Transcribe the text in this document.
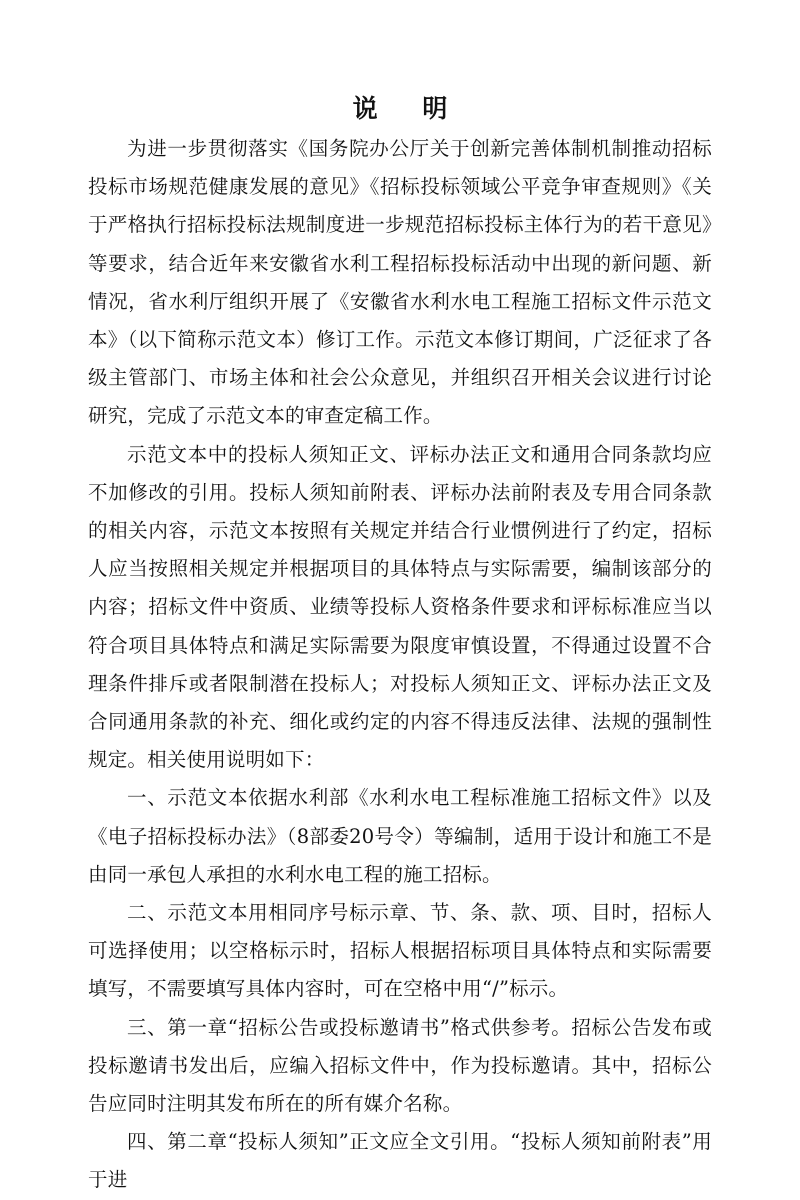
说 明

为进一步贯彻落实《国务院办公厅关于创新完善体制机制推动招标投标市场规范健康发展的意见》《招标投标领域公平竞争审查规则》《关于严格执行招标投标法规制度进一步规范招标投标主体行为的若干意见》等要求，结合近年来安徽省水利工程招标投标活动中出现的新问题、新情况，省水利厅组织开展了《安徽省水利水电工程施工招标文件示范文本》（以下简称示范文本）修订工作。示范文本修订期间，广泛征求了各级主管部门、市场主体和社会公众意见，并组织召开相关会议进行讨论研究，完成了示范文本的审查定稿工作。

示范文本中的投标人须知正文、评标办法正文和通用合同条款均应不加修改的引用。投标人须知前附表、评标办法前附表及专用合同条款的相关内容，示范文本按照有关规定并结合行业惯例进行了约定，招标人应当按照相关规定并根据项目的具体特点与实际需要，编制该部分的内容；招标文件中资质、业绩等投标人资格条件要求和评标标准应当以符合项目具体特点和满足实际需要为限度审慎设置，不得通过设置不合理条件排斥或者限制潜在投标人；对投标人须知正文、评标办法正文及合同通用条款的补充、细化或约定的内容不得违反法律、法规的强制性规定。相关使用说明如下：

一、示范文本依据水利部《水利水电工程标准施工招标文件》以及《电子招标投标办法》（8部委20号令）等编制，适用于设计和施工不是由同一承包人承担的水利水电工程的施工招标。

二、示范文本用相同序号标示章、节、条、款、项、目时，招标人可选择使用；以空格标示时，招标人根据招标项目具体特点和实际需要填写，不需要填写具体内容时，可在空格中用“/”标示。

三、第一章“招标公告或投标邀请书”格式供参考。招标公告发布或投标邀请书发出后，应编入招标文件中，作为投标邀请。其中，招标公告应同时注明其发布所在的所有媒介名称。

四、第二章“投标人须知”正文应全文引用。“投标人须知前附表”用于进
